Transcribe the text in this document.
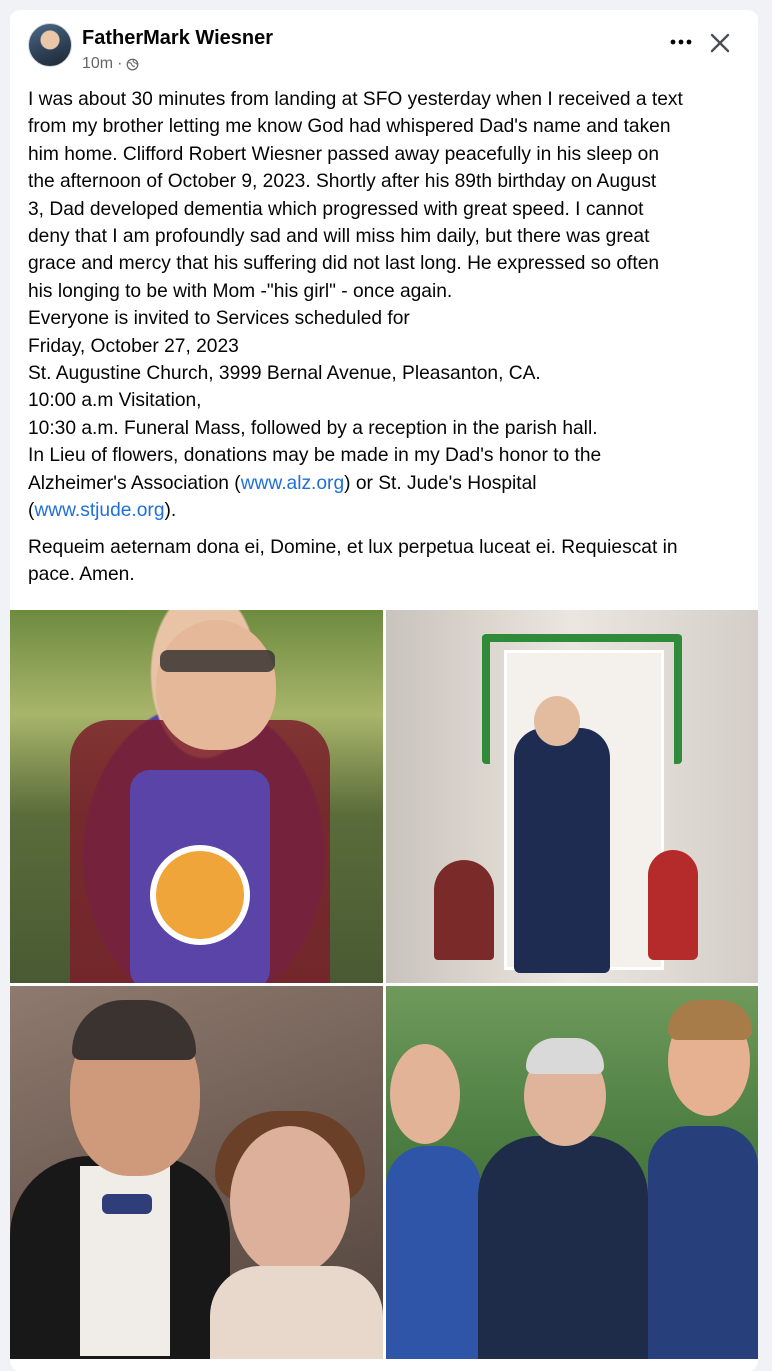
FatherMark Wiesner
10m ·
I was about 30 minutes from landing at SFO yesterday when I received a text
from my brother letting me know God had whispered Dad's name and taken
him home. Clifford Robert Wiesner passed away peacefully in his sleep on
the afternoon of October 9, 2023. Shortly after his 89th birthday on August
3, Dad developed dementia which progressed with great speed. I cannot
deny that I am profoundly sad and will miss him daily, but there was great
grace and mercy that his suffering did not last long. He expressed so often
his longing to be with Mom -"his girl" - once again.
Everyone is invited to Services scheduled for
Friday, October 27, 2023
St. Augustine Church, 3999 Bernal Avenue, Pleasanton, CA.
10:00 a.m Visitation,
10:30 a.m. Funeral Mass, followed by a reception in the parish hall.
In Lieu of flowers, donations may be made in my Dad's honor to the
Alzheimer's Association (www.alz.org) or St. Jude's Hospital
(www.stjude.org).
Requeim aeternam dona ei, Domine, et lux perpetua luceat ei. Requiescat in
pace. Amen.
